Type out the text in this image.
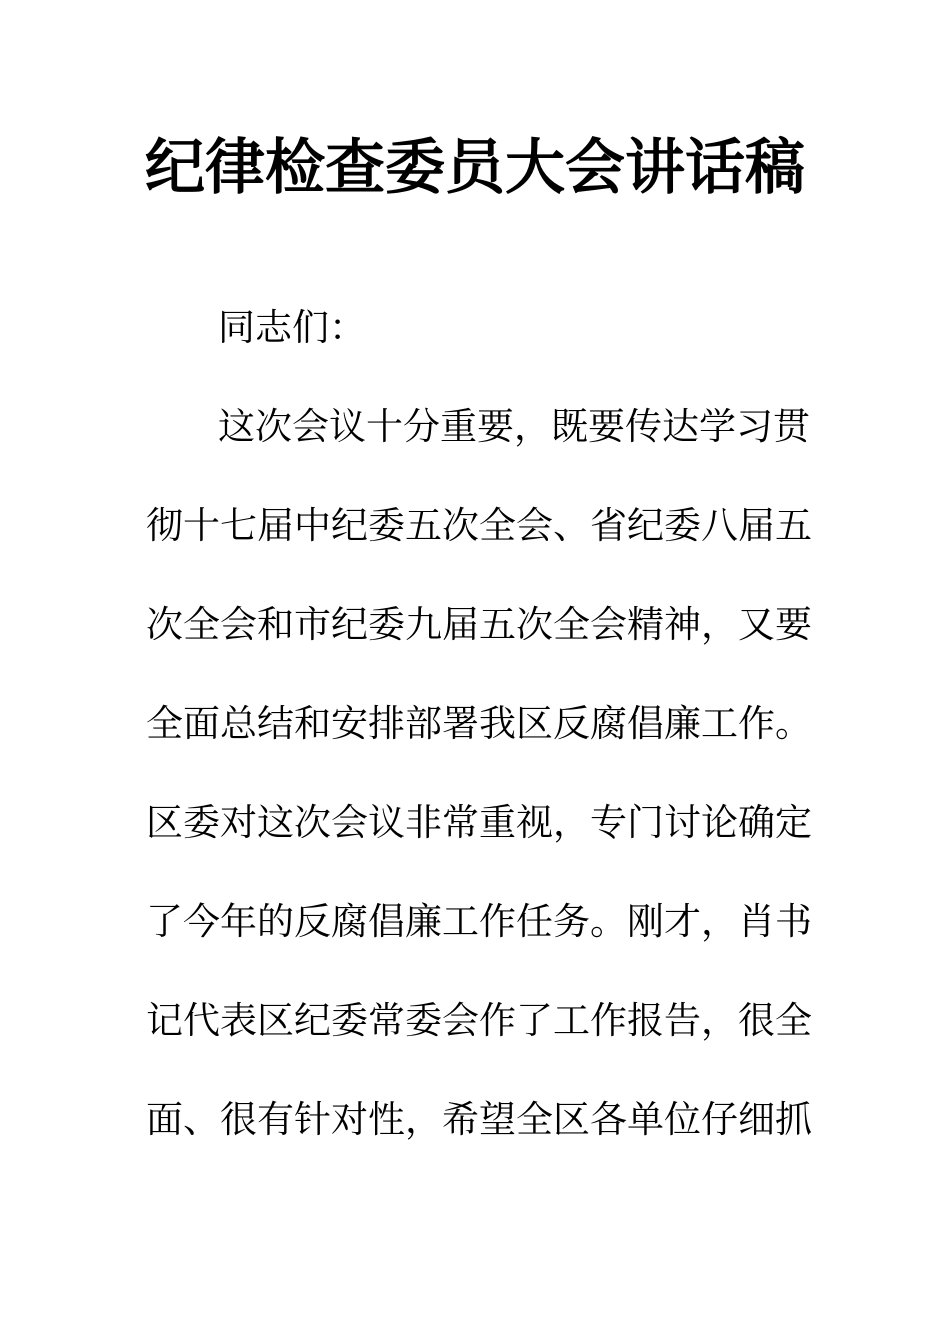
纪律检查委员大会讲话稿
同志们：
这次会议十分重要，既要传达学习贯
彻十七届中纪委五次全会、省纪委八届五
次全会和市纪委九届五次全会精神，又要
全面总结和安排部署我区反腐倡廉工作。
区委对这次会议非常重视，专门讨论确定
了今年的反腐倡廉工作任务。刚才，肖书
记代表区纪委常委会作了工作报告，很全
面、很有针对性，希望全区各单位仔细抓
